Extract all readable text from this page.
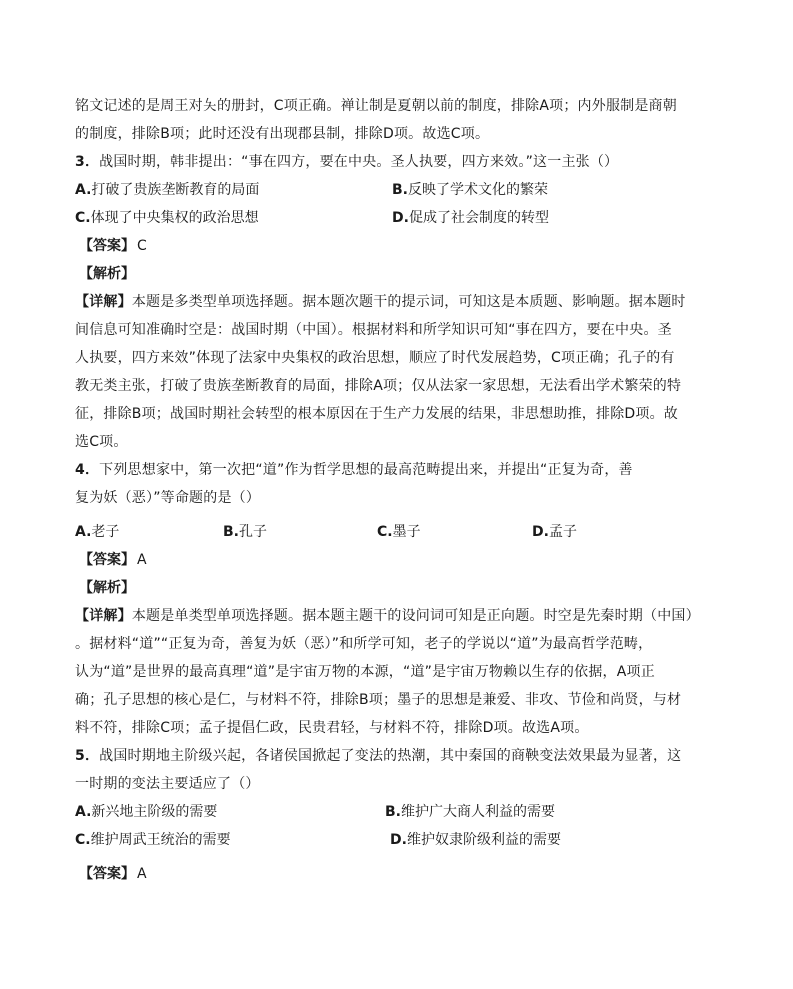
铭文记述的是周王对夨的册封，C项正确。禅让制是夏朝以前的制度，排除A项；内外服制是商朝
的制度，排除B项；此时还没有出现郡县制，排除D项。故选C项。
3．战国时期，韩非提出：“事在四方，要在中央。圣人执要，四方来效。”这一主张（）
A.打破了贵族垄断教育的局面	B.反映了学术文化的繁荣
C.体现了中央集权的政治思想	D.促成了社会制度的转型
【答案】 C
【解析】
【详解】本题是多类型单项选择题。据本题次题干的提示词，可知这是本质题、影响题。据本题时
间信息可知准确时空是：战国时期（中国）。根据材料和所学知识可知“事在四方，要在中央。圣
人执要，四方来效”体现了法家中央集权的政治思想，顺应了时代发展趋势，C项正确；孔子的有
教无类主张，打破了贵族垄断教育的局面，排除A项；仅从法家一家思想，无法看出学术繁荣的特
征，排除B项；战国时期社会转型的根本原因在于生产力发展的结果，非思想助推，排除D项。故
选C项。
4．下列思想家中，第一次把“道”作为哲学思想的最高范畴提出来，并提出“正复为奇，善
复为妖（恶）”等命题的是（）
A.老子	B.孔子	C.墨子	D.孟子
【答案】 A
【解析】
【详解】本题是单类型单项选择题。据本题主题干的设问词可知是正向题。时空是先秦时期（中国）
。据材料“道”“正复为奇，善复为妖（恶）”和所学可知，老子的学说以“道”为最高哲学范畴，
认为“道”是世界的最高真理“道”是宇宙万物的本源，“道”是宇宙万物赖以生存的依据，A项正
确；孔子思想的核心是仁，与材料不符，排除B项；墨子的思想是兼爱、非攻、节俭和尚贤，与材
料不符，排除C项；孟子提倡仁政，民贵君轻，与材料不符，排除D项。故选A项。
5．战国时期地主阶级兴起，各诸侯国掀起了变法的热潮，其中秦国的商鞅变法效果最为显著，这
一时期的变法主要适应了（）
A.新兴地主阶级的需要	B.维护广大商人利益的需要
C.维护周武王统治的需要	D.维护奴隶阶级利益的需要
【答案】 A
